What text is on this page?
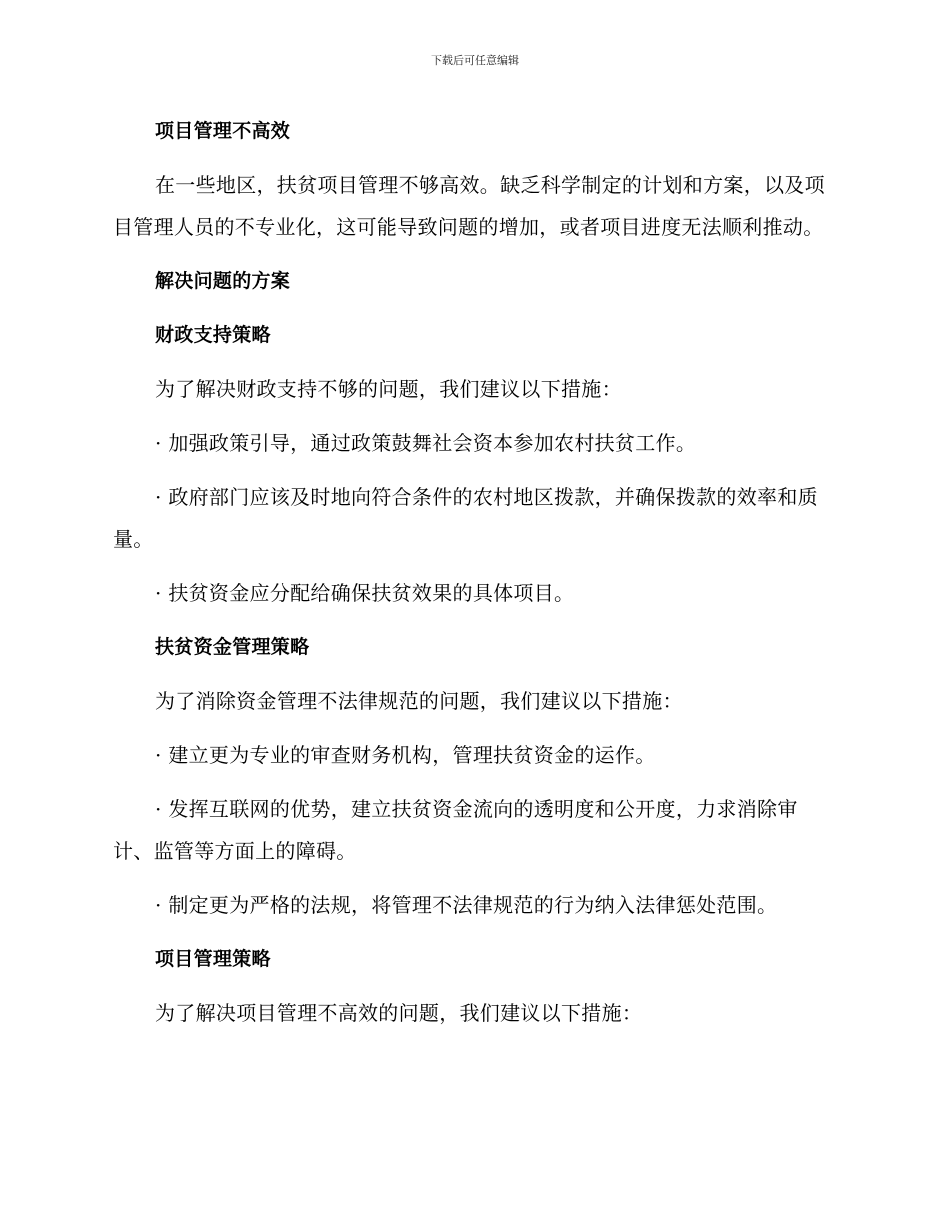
下载后可任意编辑

项目管理不高效

在一些地区，扶贫项目管理不够高效。缺乏科学制定的计划和方案，以及项目管理人员的不专业化，这可能导致问题的增加，或者项目进度无法顺利推动。

解决问题的方案

财政支持策略

为了解决财政支持不够的问题，我们建议以下措施：

· 加强政策引导，通过政策鼓舞社会资本参加农村扶贫工作。

· 政府部门应该及时地向符合条件的农村地区拨款，并确保拨款的效率和质量。

· 扶贫资金应分配给确保扶贫效果的具体项目。

扶贫资金管理策略

为了消除资金管理不法律规范的问题，我们建议以下措施：

· 建立更为专业的审查财务机构，管理扶贫资金的运作。

· 发挥互联网的优势，建立扶贫资金流向的透明度和公开度，力求消除审计、监管等方面上的障碍。

· 制定更为严格的法规，将管理不法律规范的行为纳入法律惩处范围。

项目管理策略

为了解决项目管理不高效的问题，我们建议以下措施：
